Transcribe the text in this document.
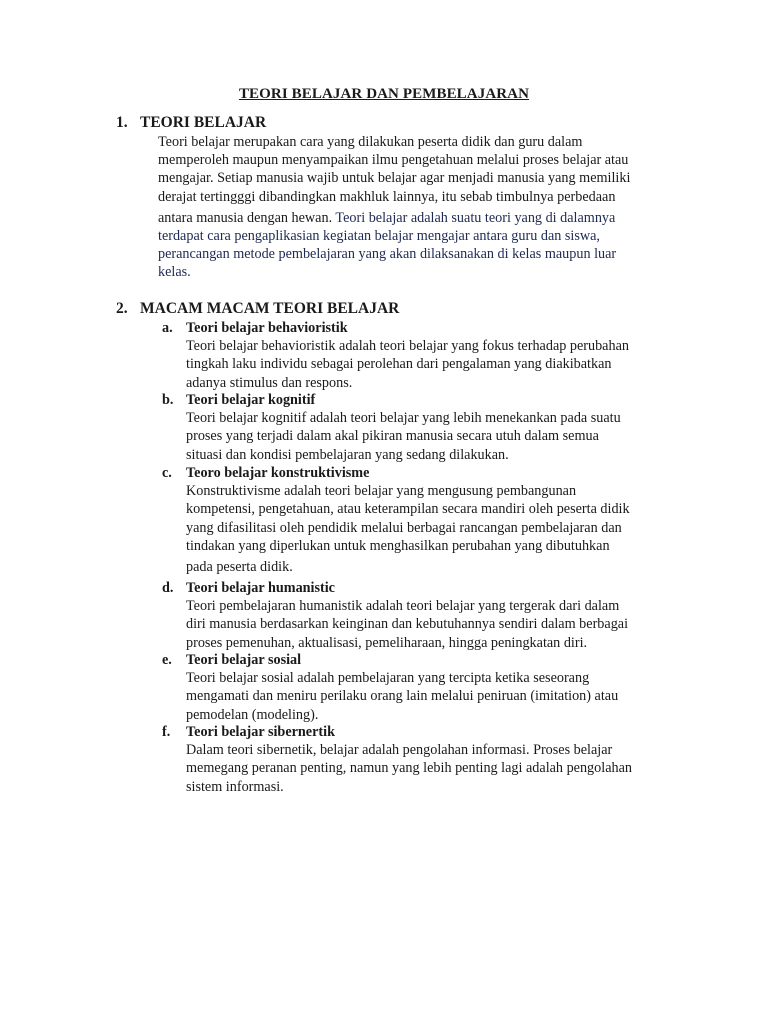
TEORI BELAJAR DAN PEMBELAJARAN
1. TEORI BELAJAR
Teori belajar merupakan cara yang dilakukan peserta didik dan guru dalam
memperoleh maupun menyampaikan ilmu pengetahuan melalui proses belajar atau
mengajar. Setiap manusia wajib untuk belajar agar menjadi manusia yang memiliki
derajat tertingggi dibandingkan makhluk lainnya, itu sebab timbulnya perbedaan
antara manusia dengan hewan. Teori belajar adalah suatu teori yang di dalamnya
terdapat cara pengaplikasian kegiatan belajar mengajar antara guru dan siswa,
perancangan metode pembelajaran yang akan dilaksanakan di kelas maupun luar
kelas.
2. MACAM MACAM TEORI BELAJAR
a. Teori belajar behavioristik
Teori belajar behavioristik adalah teori belajar yang fokus terhadap perubahan
tingkah laku individu sebagai perolehan dari pengalaman yang diakibatkan
adanya stimulus dan respons.
b. Teori belajar kognitif
Teori belajar kognitif adalah teori belajar yang lebih menekankan pada suatu
proses yang terjadi dalam akal pikiran manusia secara utuh dalam semua
situasi dan kondisi pembelajaran yang sedang dilakukan.
c. Teoro belajar konstruktivisme
Konstruktivisme adalah teori belajar yang mengusung pembangunan
kompetensi, pengetahuan, atau keterampilan secara mandiri oleh peserta didik
yang difasilitasi oleh pendidik melalui berbagai rancangan pembelajaran dan
tindakan yang diperlukan untuk menghasilkan perubahan yang dibutuhkan
pada peserta didik.
d. Teori belajar humanistic
Teori pembelajaran humanistik adalah teori belajar yang tergerak dari dalam
diri manusia berdasarkan keinginan dan kebutuhannya sendiri dalam berbagai
proses pemenuhan, aktualisasi, pemeliharaan, hingga peningkatan diri.
e. Teori belajar sosial
Teori belajar sosial adalah pembelajaran yang tercipta ketika seseorang
mengamati dan meniru perilaku orang lain melalui peniruan (imitation) atau
pemodelan (modeling).
f. Teori belajar sibernertik
Dalam teori sibernetik, belajar adalah pengolahan informasi. Proses belajar
memegang peranan penting, namun yang lebih penting lagi adalah pengolahan
sistem informasi.
